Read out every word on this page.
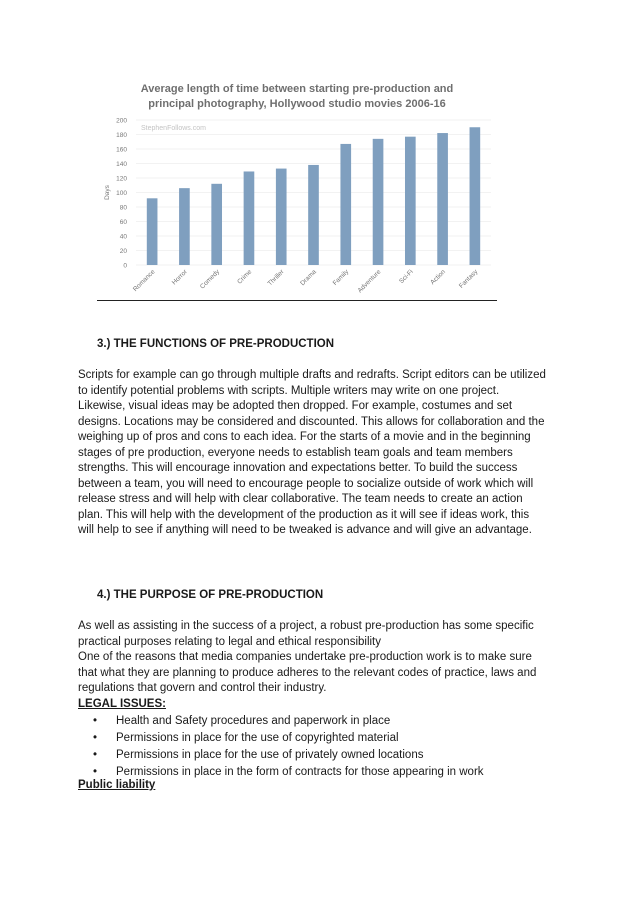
Average length of time between starting pre-production and
principal photography, Hollywood studio movies 2006-16
0
20
40
60
80
100
120
140
160
180
200
StephenFollows.com
Days
Romance Horror Comedy Crime Thriller Drama Family Adventure Sci-Fi Action Fantasy

3.) THE FUNCTIONS OF PRE-PRODUCTION

Scripts for example can go through multiple drafts and redrafts. Script editors can be utilized
to identify potential problems with scripts. Multiple writers may write on one project.
Likewise, visual ideas may be adopted then dropped. For example, costumes and set
designs. Locations may be considered and discounted. This allows for collaboration and the
weighing up of pros and cons to each idea. For the starts of a movie and in the beginning
stages of pre production, everyone needs to establish team goals and team members
strengths. This will encourage innovation and expectations better. To build the success
between a team, you will need to encourage people to socialize outside of work which will
release stress and will help with clear collaborative. The team needs to create an action
plan. This will help with the development of the production as it will see if ideas work, this
will help to see if anything will need to be tweaked is advance and will give an advantage.

4.) THE PURPOSE OF PRE-PRODUCTION

As well as assisting in the success of a project, a robust pre-production has some specific
practical purposes relating to legal and ethical responsibility
One of the reasons that media companies undertake pre-production work is to make sure
that what they are planning to produce adheres to the relevant codes of practice, laws and
regulations that govern and control their industry.

LEGAL ISSUES:

• Health and Safety procedures and paperwork in place
• Permissions in place for the use of copyrighted material
• Permissions in place for the use of privately owned locations
• Permissions in place in the form of contracts for those appearing in work

Public liability
